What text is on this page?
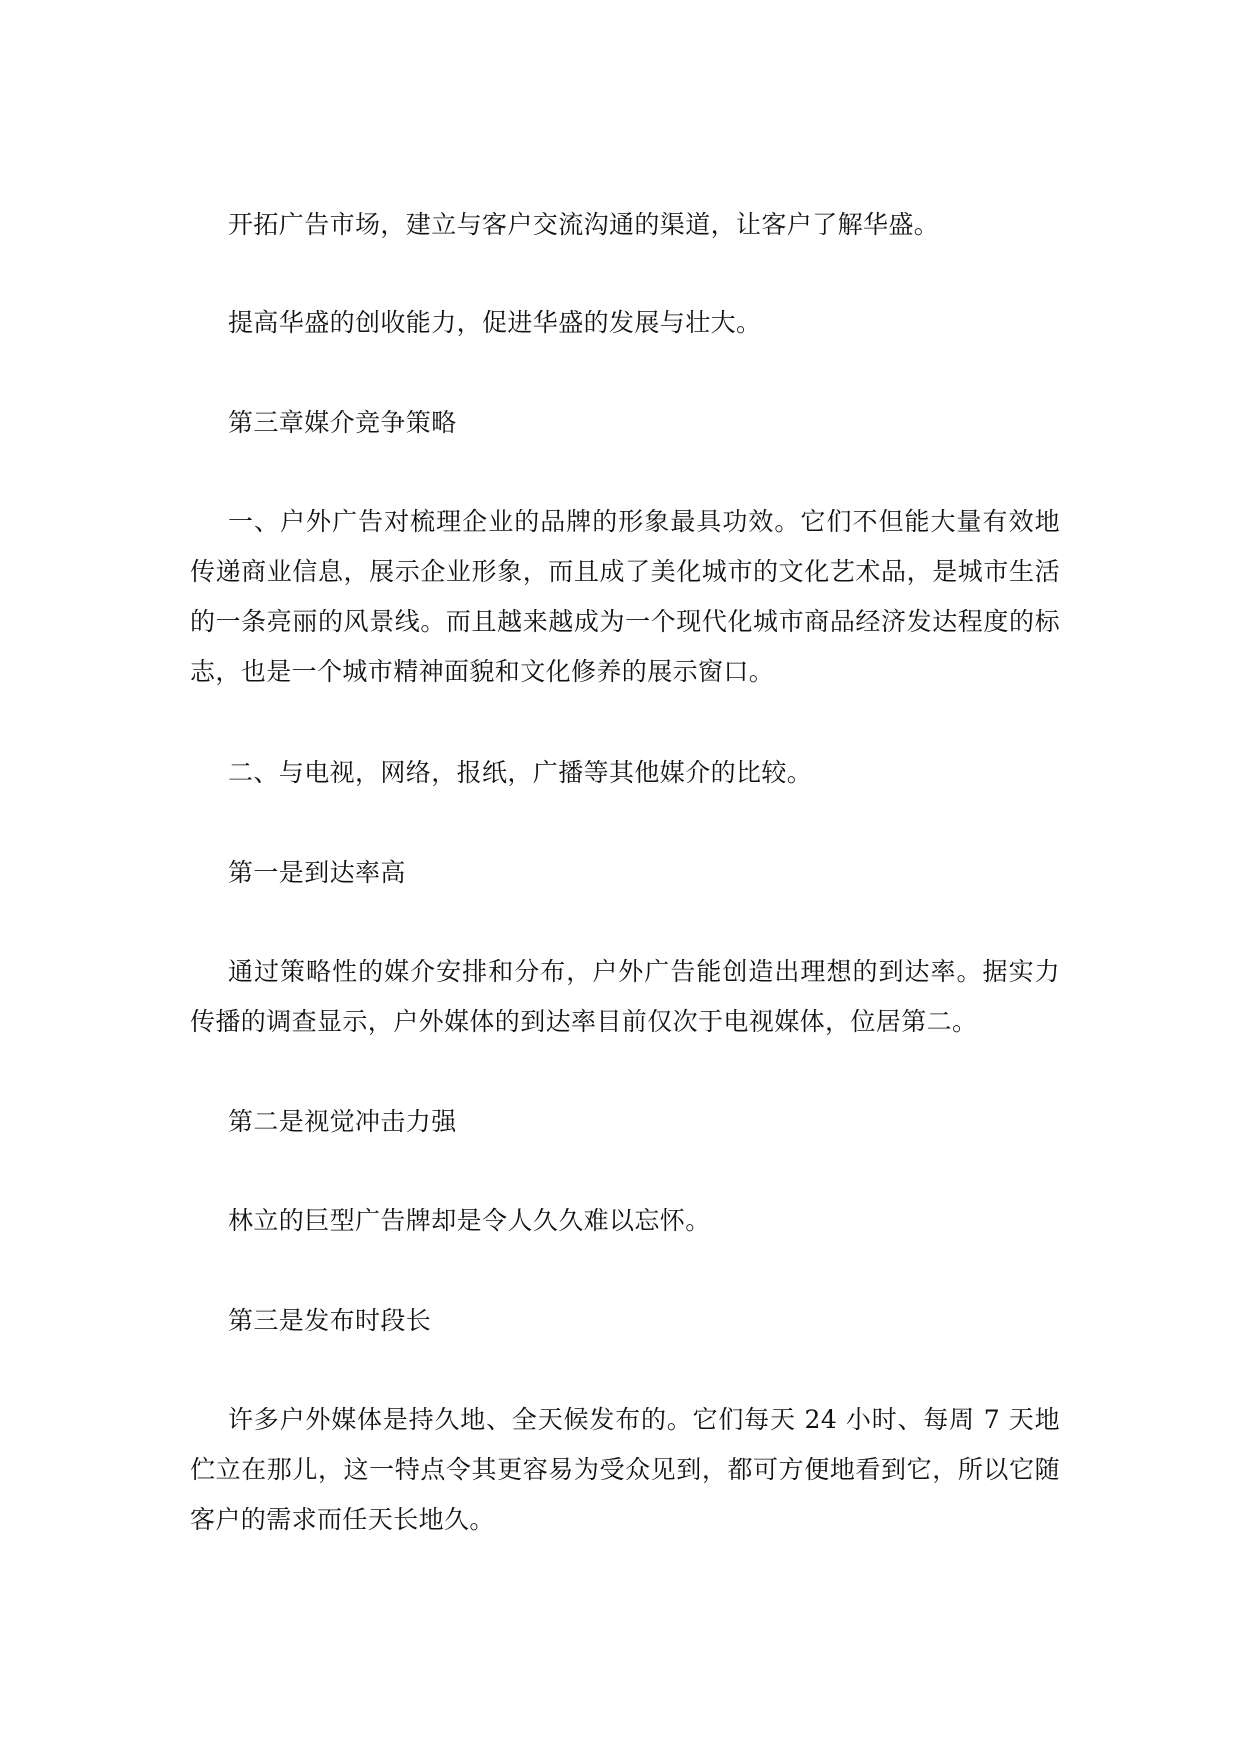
开拓广告市场，建立与客户交流沟通的渠道，让客户了解华盛。

提高华盛的创收能力，促进华盛的发展与壮大。

第三章媒介竞争策略

一、户外广告对梳理企业的品牌的形象最具功效。它们不但能大量有效地传递商业信息，展示企业形象，而且成了美化城市的文化艺术品，是城市生活的一条亮丽的风景线。而且越来越成为一个现代化城市商品经济发达程度的标志，也是一个城市精神面貌和文化修养的展示窗口。

二、与电视，网络，报纸，广播等其他媒介的比较。

第一是到达率高

通过策略性的媒介安排和分布，户外广告能创造出理想的到达率。据实力传播的调查显示，户外媒体的到达率目前仅次于电视媒体，位居第二。

第二是视觉冲击力强

林立的巨型广告牌却是令人久久难以忘怀。

第三是发布时段长

许多户外媒体是持久地、全天候发布的。它们每天 24 小时、每周 7 天地伫立在那儿，这一特点令其更容易为受众见到，都可方便地看到它，所以它随客户的需求而任天长地久。
